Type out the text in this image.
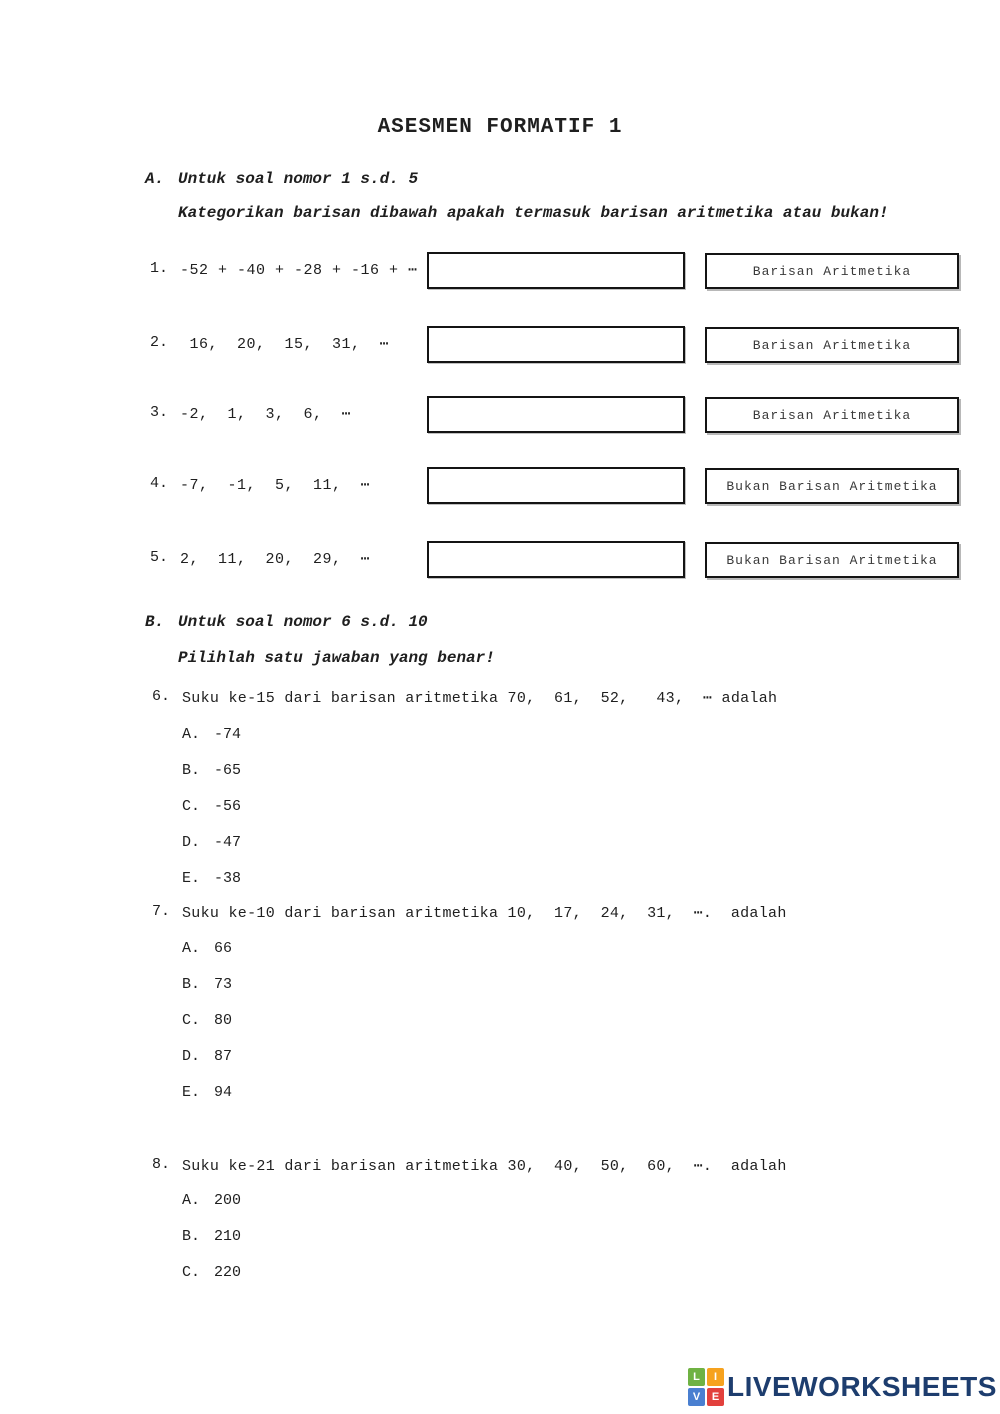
ASESMEN FORMATIF 1

A.

Untuk soal nomor 1 s.d. 5

Kategorikan barisan dibawah apakah termasuk barisan aritmetika atau bukan!
1. -52 + -40 + -28 + -16 + ⋯	Barisan Aritmetika
2. 16,  20,  15,  31,  ⋯	Barisan Aritmetika
3. -2,  1,  3,  6,  ⋯	Barisan Aritmetika
4. -7,  -1,  5,  11,  ⋯	Bukan Barisan Aritmetika
5. 2,  11,  20,  29,  ⋯	Bukan Barisan Aritmetika

B.

Untuk soal nomor 6 s.d. 10

Pilihlah satu jawaban yang benar!
6. Suku ke-15 dari barisan aritmetika 70,  61,  52,   43,  ⋯ adalah
A. -74
B. -65
C. -56
D. -47
E. -38
7. Suku ke-10 dari barisan aritmetika 10,  17,  24,  31,  ⋯.  adalah
A. 66
B. 73
C. 80
D. 87
E. 94
8. Suku ke-21 dari barisan aritmetika 30,  40,  50,  60,  ⋯.  adalah
A. 200
B. 210
C. 220
L	I
V	E LIVEWORKSHEETS
